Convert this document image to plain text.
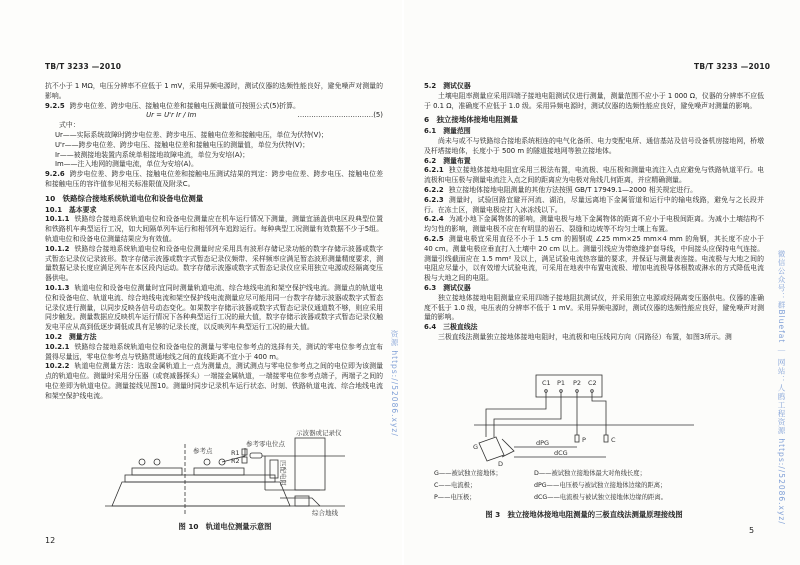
TB/T 3233 —2010

抗不小于 1 MΩ，电压分辨率不应低于 1 mV，采用异频电源时，测试仪器的选频性能良好，避免噪声对测量的影响。

9.2.5 跨步电位差、跨步电压、接触电位差和接触电压测量值可按照公式(5)折算。

Ur = U'r Ir / Im	……………………………(5)

式中：

Ur——实际系统故障时跨步电位差、跨步电压、接触电位差和接触电压，单位为伏特(V)；

U'r——跨步电位差、跨步电压、接触电位差和接触电压的测量值，单位为伏特(V)；

Ir——被测接地装置内系统单相接地故障电流，单位为安培(A)；

Im——注入地网的测量电流，单位为安培(A)。

9.2.6 跨步电位差、跨步电压、接触电位差和接触电压测试结果的判定：跨步电位差、跨步电压、接触电位差和接触电压的容许值参见相关标准限值及附录C。

10　铁路综合接地系统轨道电位和设备电位测量

10.1　基本要求

10.1.1 铁路综合接地系统轨道电位和设备电位测量应在机车运行情况下测量，测量宜涵盖供电区段典型位置和铁路机车典型运行工况，如大间隔单列车运行和相邻列车追踪运行。每种典型工况测量有效数据不少于5组。轨道电位和设备电位测量结果应为有效值。

10.1.2 铁路综合接地系统轨道电位和设备电位测量时应采用具有波形存储记录功能的数字存储示波器或数字式暂态记录仪记录波形。数字存储示波器或数字式暂态记录仪频带、采样频率应满足暂态波形测量精度要求，测量数据记录长度应满足列车在本区段内运动。数字存储示波器或数字式暂态记录仪应采用独立电源或经隔离变压器供电。

10.1.3 轨道电位和设备电位测量时宜同时测量轨道电流、综合地线电流和架空保护线电流。测量点的轨道电位和设备电位、轨道电流、综合地线电流和架空保护线电流测量应尽可能用同一台数字存储示波器或数字式暂态记录仪进行测量，以同步反映各信号动态变化。如果数字存储示波器或数字式暂态记录仪通道数不够，则应采用同步触发。测量数据应反映机车运行情况下各种典型运行工况的最大值，数字存储示波器或数字式暂态记录仪触发电平应从高到低逐步调低或具有足够的记录长度，以反映列车典型运行工况的最大值。

10.2　测量方法

10.2.1 铁路综合接地系统轨道电位和设备电位的测量与零电位参考点的选择有关，测试的零电位参考点宜布置得尽量远，零电位参考点与铁路贯通地线之间的直线距离不宜小于 400 m。

10.2.2 轨道电位测量方法：选取金属轨道上一点为测量点，测试测点与零电位参考点之间的电位即为该测量点的轨道电位。测量时采用分压器（或衰减器探头）一端接金属轨道，一端接零电位参考点端子，两端子之间的电位差即为轨道电位。测量接线见图10。测量时同步记录机车运行状态、时刻、铁路轨道电流、综合地线电流和架空保护线电流。

参考零电位点
参考点	R1
R2	匹配电阻
示波器或记录仪
综合地线
图 10　轨道电位测量示意图
12
资源 https://52086.xyz/
TB/T 3233 —2010

5.2　测试仪器

土壤电阻率测量应采用四端子接地电阻测试仪进行测量，测量范围不应小于 1 000 Ω，仪器的分辨率不应低于 0.1 Ω，准确度不应低于 1.0 级。采用异频电源时，测试仪器的选频性能应良好，避免噪声对测量的影响。

6　独立接地体接地电阻测量

6.1　测量范围

尚未与或不与铁路综合接地系统相连的电气化备所、电力变配电所、通信基站及信号设备机房接地网，桥墩及杆塔接地体，长度小于 500 m 的隧道接地网等独立接地体。

6.2　测量布置

6.2.1 独立接地体接地电阻宜采用三极法布置，电流极、电压极和测量电流注入点应避免与铁路轨道平行。电流极和电压极与测量电流注入点之间的距离应为电极对角线几何距离，并应精确测量。

6.2.2 独立接地体接地电阻测量的其他方法按照 GB/T 17949.1—2000 相关规定进行。

6.2.3 测量时，试验回路宜避开河流、湖泊，尽量远离地下金属管道和运行中的输电线路，避免与之长段并行。在冻土区，测量电极应打入冰冻线以下。

6.2.4 为减小地下金属物体的影响，测量电极与地下金属物体的距离不应小于电极间距离。为减小土壤结构不均匀性的影响，测量电极不应在有明显的岩石、裂缝和边坡等不均匀土壤上布置。

6.2.5 测量电极宜采用直径不小于 1.5 cm 的圆钢或 ∠25 mm×25 mm×4 mm 的角钢，其长度不应小于 40 cm。测量电极应垂直打入土壤中 20 cm 以上。测量引线应为带绝缘护套导线，中间接头应保持电气连接。测量引线截面应在 1.5 mm² 及以上，满足试验电流热容量的要求，并保证与测量表连接。电流极与大地之间的电阻应尽量小，以有效增大试验电流，可采用在地表中布置电流极、增加电流极导体根数或淋水的方式降低电流极与大地之间的电阻。

6.3　测试仪器

独立接地体接地电阻测量应采用四端子接地阻抗测试仪，并采用独立电源或经隔离变压器供电。仪器的准确度不低于 1.0 级，电压表的分辨率不低于 1 mV。采用异频电源时，测试仪器的选频性能应良好，避免噪声对测量的影响。

6.4　三极直线法

三极直线法测量独立接地体接地电阻时，电流极和电压线同方向（同路径）布置，如图3所示。测

C1 P1 P2 C2
P	C
G
D
dPG
dCG
G——被试独立接地体；
C——电流极；
P——电压极；
D——被试独立接地体最大对角线长度；
dPG——电压极与被试独立接地体边缘的距离；
dCG——电流极与被试独立接地体边缘的距离。
图 3　独立接地体接地电阻测量的三极直线法测量原理接线图
5
微信公众号：群Bluefat ｜ 网站：人鸥工程资源 https://52086.xyz/
